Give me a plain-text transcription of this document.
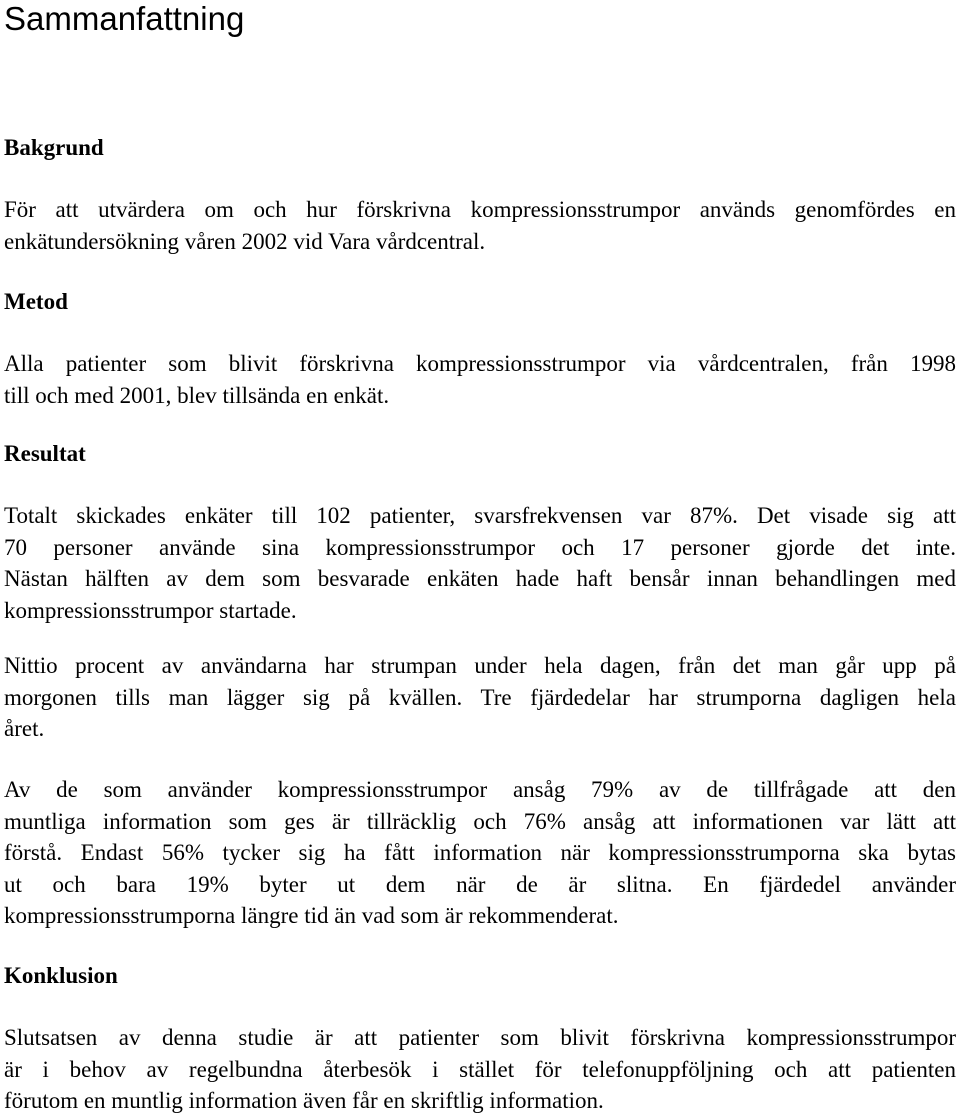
Sammanfattning
Bakgrund

För att utvärdera om och hur förskrivna kompressionsstrumpor används genomfördes en
enkätundersökning våren 2002 vid Vara vårdcentral.

Metod

Alla patienter som blivit förskrivna kompressionsstrumpor via vårdcentralen, från 1998
till och med 2001, blev tillsända en enkät.

Resultat

Totalt skickades enkäter till 102 patienter, svarsfrekvensen var 87%. Det visade sig att
70 personer använde sina kompressionsstrumpor och 17 personer gjorde det inte.
Nästan hälften av dem som besvarade enkäten hade haft bensår innan behandlingen med
kompressionsstrumpor startade.

Nittio procent av användarna har strumpan under hela dagen, från det man går upp på
morgonen tills man lägger sig på kvällen. Tre fjärdedelar har strumporna dagligen hela
året.

Av de som använder kompressionsstrumpor ansåg 79% av de tillfrågade att den
muntliga information som ges är tillräcklig och 76% ansåg att informationen var lätt att
förstå. Endast 56% tycker sig ha fått information när kompressionsstrumporna ska bytas
ut och bara 19% byter ut dem när de är slitna. En fjärdedel använder
kompressionsstrumporna längre tid än vad som är rekommenderat.

Konklusion

Slutsatsen av denna studie är att patienter som blivit förskrivna kompressionsstrumpor
är i behov av regelbundna återbesök i stället för telefonuppföljning och att patienten
förutom en muntlig information även får en skriftlig information.
